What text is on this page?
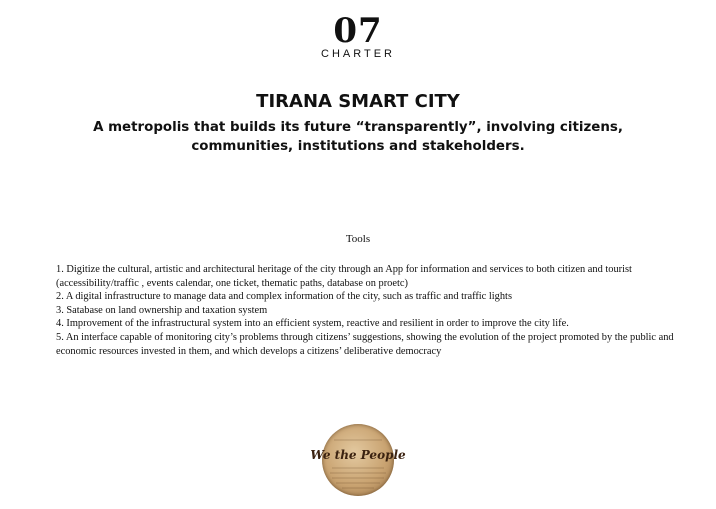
07
CHARTER
TIRANA SMART CITY
A metropolis that builds its future “transparently”, involving citizens, communities, institutions and stakeholders.
Tools
1. Digitize the cultural, artistic and architectural heritage of the city through an App for information and services to both citizen and tourist (accessibility/traffic , events calendar, one ticket, thematic paths, database on proetc)
2. A digital infrastructure to manage data and complex information of the city, such as traffic and traffic lights
3. Satabase on land ownership and taxation system
4. Improvement of the infrastructural system into an efficient system, reactive and resilient in order to improve the city life.
5. An interface capable of monitoring city’s problems through citizens’ suggestions, showing the evolution of the project promoted by the public and economic resources invested in them, and which develops a citizens’ deliberative democracy
We the People
